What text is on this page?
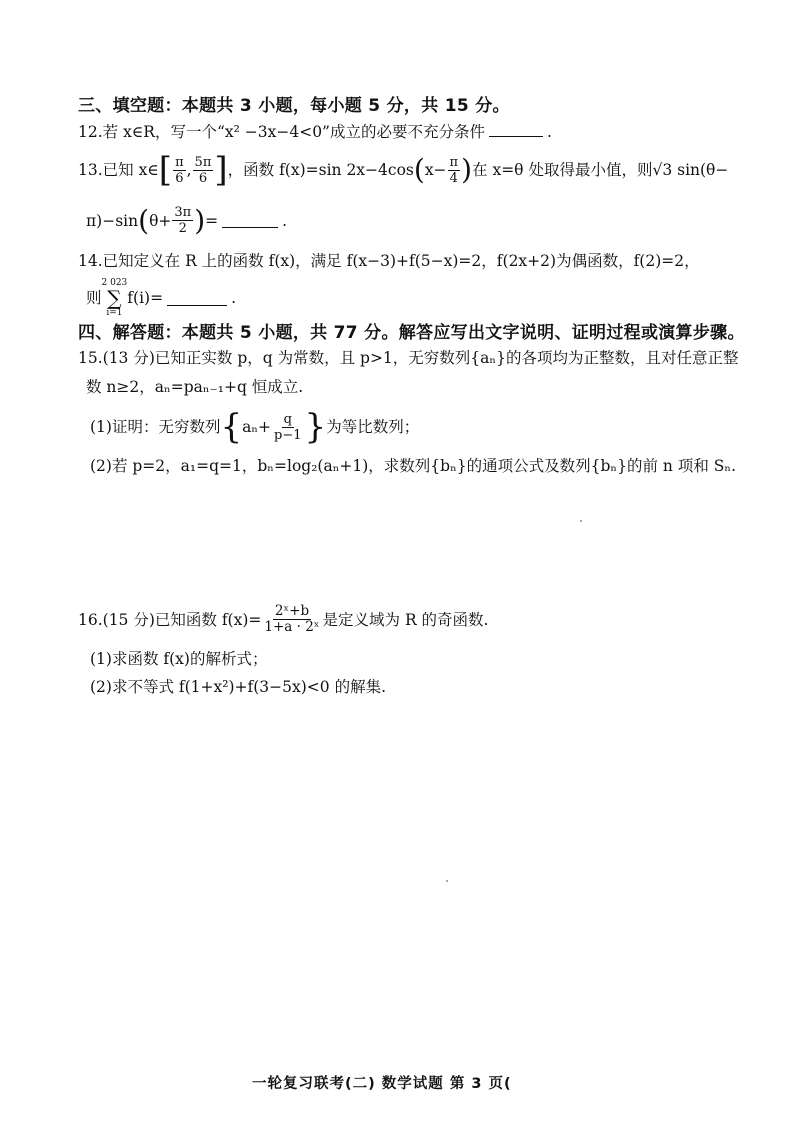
三、填空题：本题共 3 小题，每小题 5 分，共 15 分。
12.若 x∈R，写一个“x² −3x−4<0”成立的必要不充分条件	.
13.已知 x∈ [ $\frac{\pi}{6}$ , $\frac{5\pi}{6}$ ] ，函数 f(x)=sin 2x−4cos ( $x- \frac{\pi}{4}$ ) 在 x=θ 处取得最小值，则√3 sin(θ−
π)−sin ( $\theta+ \frac{3\pi}{2}$ ) =	.
14.已知定义在 R 上的函数 f(x)，满足 f(x−3)+f(5−x)=2，f(2x+2)为偶函数，f(2)=2，
则
2 023
∑
i=1
f(i)=	.
四、解答题：本题共 5 小题，共 77 分。解答应写出文字说明、证明过程或演算步骤。
15.(13 分)已知正实数 p，q 为常数，且 p>1，无穷数列{aₙ}的各项均为正整数，且对任意正整
数 n≥2，aₙ=paₙ₋₁+q 恒成立.
(1)证明：无穷数列 { $a_n+ \frac{q}{p-1}$ } 为等比数列；
(2)若 p=2，a₁=q=1，bₙ=log₂(aₙ+1)，求数列{bₙ}的通项公式及数列{bₙ}的前 n 项和 Sₙ.
16.(15 分)已知函数 $f(x)= \frac{\text{2ˣ+b}}{\text{1+a · 2ˣ}}$ 是定义域为 R 的奇函数.
(1)求函数 f(x)的解析式；
(2)求不等式 f(1+x²)+f(3−5x)<0 的解集.
一轮复习联考(二) 数学试题 第 3 页(
